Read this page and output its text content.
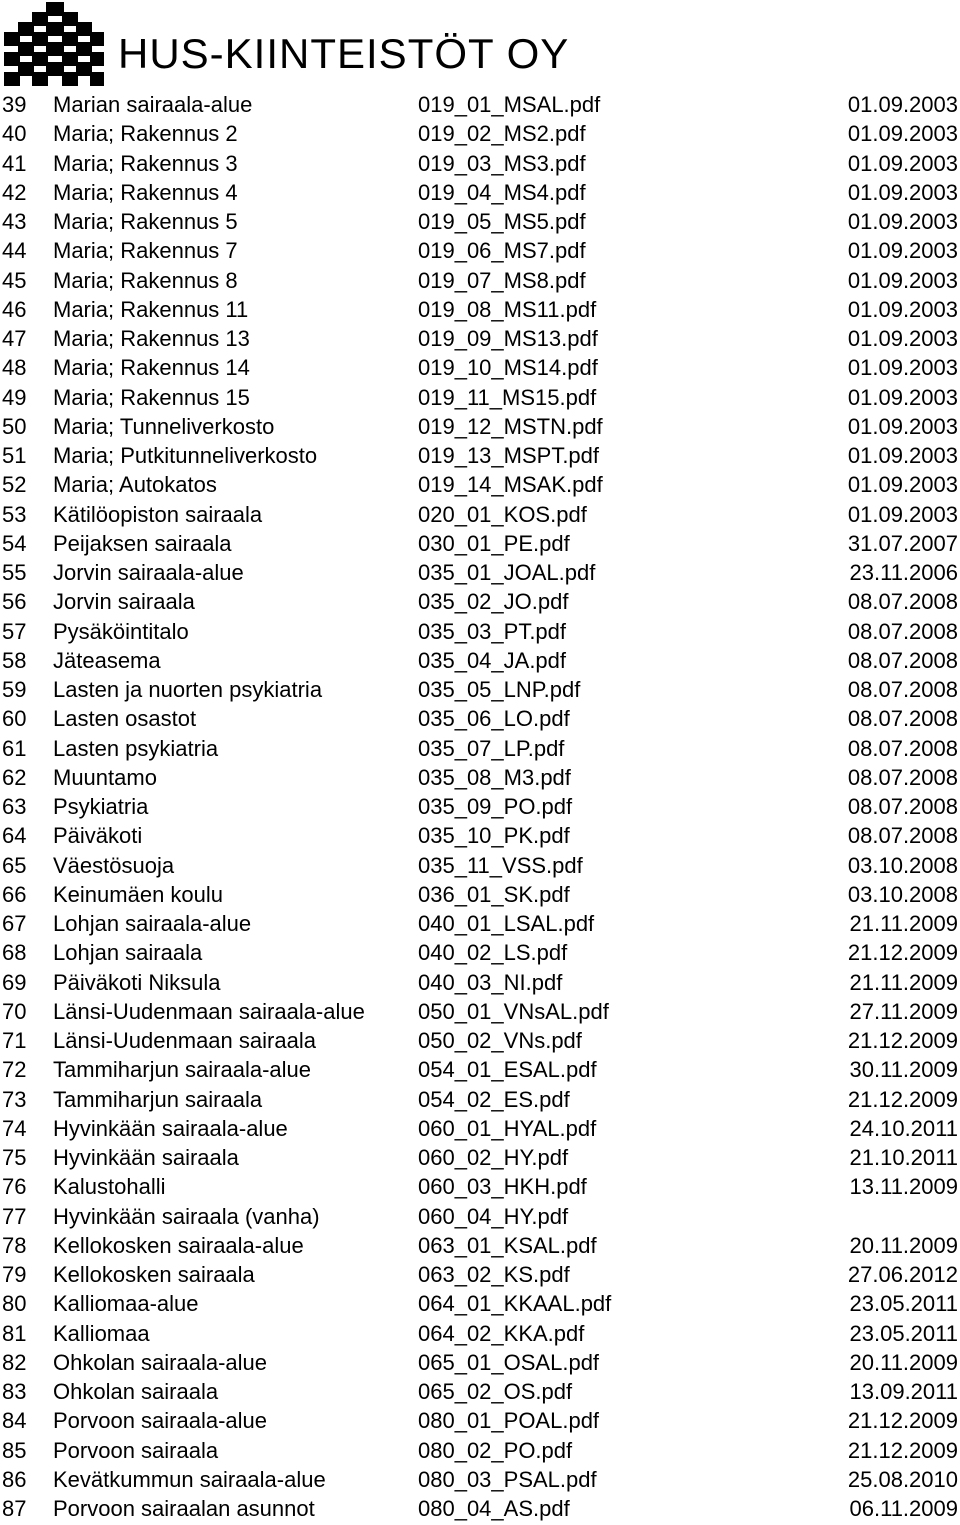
HUS-KIINTEISTÖT OY
39 Marian sairaala-alue	019_01_MSAL.pdf	01.09.2003
40 Maria; Rakennus 2	019_02_MS2.pdf	01.09.2003
41 Maria; Rakennus 3	019_03_MS3.pdf	01.09.2003
42 Maria; Rakennus 4	019_04_MS4.pdf	01.09.2003
43 Maria; Rakennus 5	019_05_MS5.pdf	01.09.2003
44 Maria; Rakennus 7	019_06_MS7.pdf	01.09.2003
45 Maria; Rakennus 8	019_07_MS8.pdf	01.09.2003
46 Maria; Rakennus 11	019_08_MS11.pdf	01.09.2003
47 Maria; Rakennus 13	019_09_MS13.pdf	01.09.2003
48 Maria; Rakennus 14	019_10_MS14.pdf	01.09.2003
49 Maria; Rakennus 15	019_11_MS15.pdf	01.09.2003
50 Maria; Tunneliverkosto	019_12_MSTN.pdf	01.09.2003
51 Maria; Putkitunneliverkosto	019_13_MSPT.pdf	01.09.2003
52 Maria; Autokatos	019_14_MSAK.pdf	01.09.2003
53 Kätilöopiston sairaala	020_01_KOS.pdf	01.09.2003
54 Peijaksen sairaala	030_01_PE.pdf	31.07.2007
55 Jorvin sairaala-alue	035_01_JOAL.pdf	23.11.2006
56 Jorvin sairaala	035_02_JO.pdf	08.07.2008
57 Pysäköintitalo	035_03_PT.pdf	08.07.2008
58 Jäteasema	035_04_JA.pdf	08.07.2008
59 Lasten ja nuorten psykiatria	035_05_LNP.pdf	08.07.2008
60 Lasten osastot	035_06_LO.pdf	08.07.2008
61 Lasten psykiatria	035_07_LP.pdf	08.07.2008
62 Muuntamo	035_08_M3.pdf	08.07.2008
63 Psykiatria	035_09_PO.pdf	08.07.2008
64 Päiväkoti	035_10_PK.pdf	08.07.2008
65 Väestösuoja	035_11_VSS.pdf	03.10.2008
66 Keinumäen koulu	036_01_SK.pdf	03.10.2008
67 Lohjan sairaala-alue	040_01_LSAL.pdf	21.11.2009
68 Lohjan sairaala	040_02_LS.pdf	21.12.2009
69 Päiväkoti Niksula	040_03_NI.pdf	21.11.2009
70 Länsi-Uudenmaan sairaala-alue 050_01_VNsAL.pdf	27.11.2009
71 Länsi-Uudenmaan sairaala	050_02_VNs.pdf	21.12.2009
72 Tammiharjun sairaala-alue	054_01_ESAL.pdf	30.11.2009
73 Tammiharjun sairaala	054_02_ES.pdf	21.12.2009
74 Hyvinkään sairaala-alue	060_01_HYAL.pdf	24.10.2011
75 Hyvinkään sairaala	060_02_HY.pdf	21.10.2011
76 Kalustohalli	060_03_HKH.pdf	13.11.2009
77 Hyvinkään sairaala (vanha)	060_04_HY.pdf
78 Kellokosken sairaala-alue	063_01_KSAL.pdf	20.11.2009
79 Kellokosken sairaala	063_02_KS.pdf	27.06.2012
80 Kalliomaa-alue	064_01_KKAAL.pdf	23.05.2011
81 Kalliomaa	064_02_KKA.pdf	23.05.2011
82 Ohkolan sairaala-alue	065_01_OSAL.pdf	20.11.2009
83 Ohkolan sairaala	065_02_OS.pdf	13.09.2011
84 Porvoon sairaala-alue	080_01_POAL.pdf	21.12.2009
85 Porvoon sairaala	080_02_PO.pdf	21.12.2009
86 Kevätkummun sairaala-alue	080_03_PSAL.pdf	25.08.2010
87 Porvoon sairaalan asunnot	080_04_AS.pdf	06.11.2009
